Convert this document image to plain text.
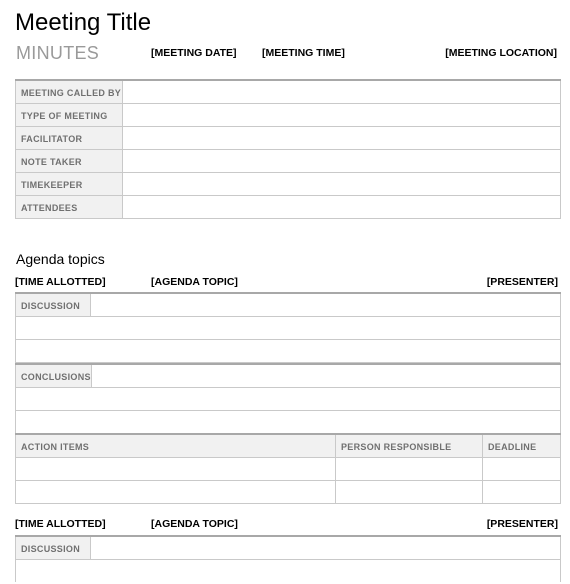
Meeting Title
MINUTES	[MEETING DATE] [MEETING TIME]	[MEETING LOCATION]
MEETING CALLED BY	
TYPE OF MEETING	
FACILITATOR	
NOTE TAKER	
TIMEKEEPER	
ATTENDEES	
Agenda topics
[TIME ALLOTTED]	[AGENDA TOPIC]	[PRESENTER]
DISCUSSION	

CONCLUSIONS	

ACTION ITEMS	PERSON RESPONSIBLE	DEADLINE

[TIME ALLOTTED]	[AGENDA TOPIC]	[PRESENTER]
DISCUSSION	
